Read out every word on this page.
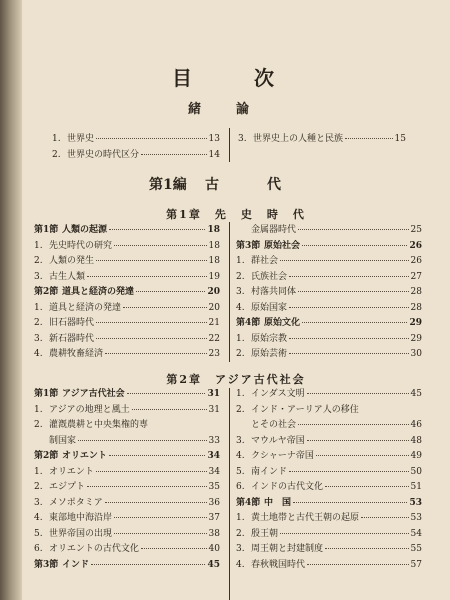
目	次
緒	論
1. 世界史	13
2. 世界史の時代区分	14
3. 世界史上の人種と民族	15
第1編 古	代
第1章　先　史　時　代
第1節 人類の起源	18
1. 先史時代の研究	18
2. 人類の発生	18
3. 古生人類	19
第2節 道具と経済の発達	20
1. 道具と経済の発達	20
2. 旧石器時代	21
3. 新石器時代	22
4. 農耕牧畜経済	23
金属器時代	25
第3節 原始社会	26
1. 群社会	26
2. 氏族社会	27
3. 村落共同体	28
4. 原始国家	28
第4節 原始文化	29
1. 原始宗教	29
2. 原始芸術	30
第2章　アジア古代社会
第1節 アジア古代社会	31
1. アジアの地理と風土	31
2. 灌漑農耕と中央集権的専
制国家	33
第2節 オリエント	34
1. オリエント	34
2. エジプト	35
3. メソポタミア	36
4. 東部地中海沿岸	37
5. 世界帝国の出現	38
6. オリエントの古代文化	40
第3節 インド	45
1. インダス文明	45
2. インド・アーリア人の移住
とその社会	46
3. マウルヤ帝国	48
4. クシャーナ帝国	49
5. 南インド	50
6. インドの古代文化	51
第4節 中　国	53
1. 黄土地帯と古代王朝の起原	53
2. 殷王朝	54
3. 周王朝と封建制度	55
4. 春秋戦国時代	57
